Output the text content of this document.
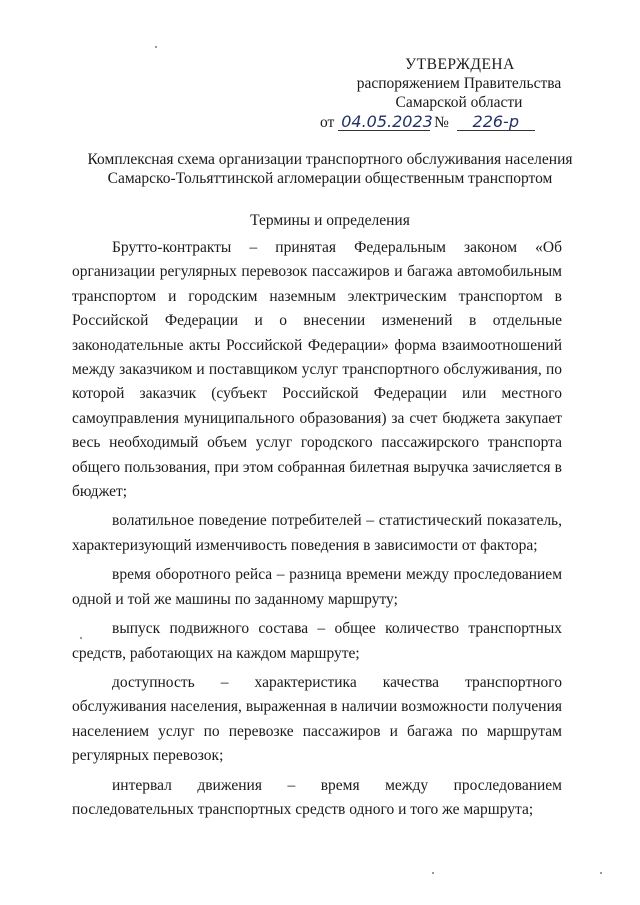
УТВЕРЖДЕНА
распоряжением Правительства
Самарской области
от 04.05.2023 № 226-р
Комплексная схема организации транспортного обслуживания населения
Самарско-Тольяттинской агломерации общественным транспортом
Термины и определения

Брутто-контракты – принятая Федеральным законом «Об организации регулярных перевозок пассажиров и багажа автомобильным транспортом и городским наземным электрическим транспортом в Российской Федерации и о внесении изменений в отдельные законодательные акты Российской Федерации» форма взаимоотношений между заказчиком и поставщиком услуг транспортного обслуживания, по которой заказчик (субъект Российской Федерации или местного самоуправления муниципального образования) за счет бюджета закупает весь необходимый объем услуг городского пассажирского транспорта общего пользования, при этом собранная билетная выручка зачисляется в бюджет;

волатильное поведение потребителей – статистический показатель, характеризующий изменчивость поведения в зависимости от фактора;

время оборотного рейса – разница времени между проследованием одной и той же машины по заданному маршруту;

выпуск подвижного состава – общее количество транспортных средств, работающих на каждом маршруте;

доступность – характеристика качества транспортного обслуживания населения, выраженная в наличии возможности получения населением услуг по перевозке пассажиров и багажа по маршрутам регулярных перевозок;

интервал движения – время между проследованием последовательных транспортных средств одного и того же маршрута;
